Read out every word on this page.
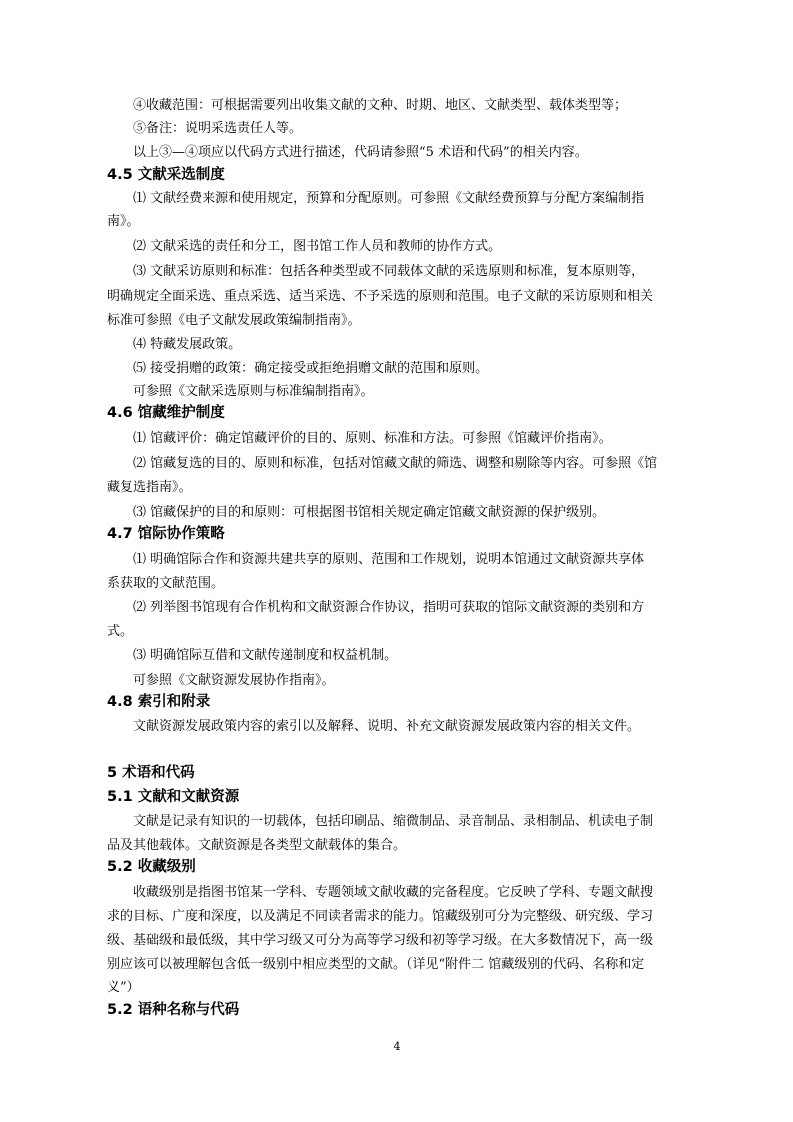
④收藏范围：可根据需要列出收集文献的文种、时期、地区、文献类型、载体类型等；
⑤备注：说明采选责任人等。
以上③—④项应以代码方式进行描述，代码请参照“5 术语和代码”的相关内容。
4.5 文献采选制度
⑴ 文献经费来源和使用规定，预算和分配原则。可参照《文献经费预算与分配方案编制指
南》。
⑵ 文献采选的责任和分工，图书馆工作人员和教师的协作方式。
⑶ 文献采访原则和标准：包括各种类型或不同载体文献的采选原则和标准，复本原则等，
明确规定全面采选、重点采选、适当采选、不予采选的原则和范围。电子文献的采访原则和相关
标准可参照《电子文献发展政策编制指南》。
⑷ 特藏发展政策。
⑸ 接受捐赠的政策：确定接受或拒绝捐赠文献的范围和原则。
可参照《文献采选原则与标准编制指南》。
4.6 馆藏维护制度
⑴ 馆藏评价：确定馆藏评价的目的、原则、标准和方法。可参照《馆藏评价指南》。
⑵ 馆藏复选的目的、原则和标准，包括对馆藏文献的筛选、调整和剔除等内容。可参照《馆
藏复选指南》。
⑶ 馆藏保护的目的和原则：可根据图书馆相关规定确定馆藏文献资源的保护级别。
4.7 馆际协作策略
⑴ 明确馆际合作和资源共建共享的原则、范围和工作规划，说明本馆通过文献资源共享体
系获取的文献范围。
⑵ 列举图书馆现有合作机构和文献资源合作协议，指明可获取的馆际文献资源的类别和方
式。
⑶ 明确馆际互借和文献传递制度和权益机制。
可参照《文献资源发展协作指南》。
4.8 索引和附录
文献资源发展政策内容的索引以及解释、说明、补充文献资源发展政策内容的相关文件。
5 术语和代码
5.1 文献和文献资源
文献是记录有知识的一切载体，包括印刷品、缩微制品、录音制品、录相制品、机读电子制
品及其他载体。文献资源是各类型文献载体的集合。
5.2 收藏级别
收藏级别是指图书馆某一学科、专题领域文献收藏的完备程度。它反映了学科、专题文献搜
求的目标、广度和深度，以及满足不同读者需求的能力。馆藏级别可分为完整级、研究级、学习
级、基础级和最低级，其中学习级又可分为高等学习级和初等学习级。在大多数情况下，高一级
别应该可以被理解包含低一级别中相应类型的文献。（详见“附件二 馆藏级别的代码、名称和定
义”）
5.2 语种名称与代码
4
